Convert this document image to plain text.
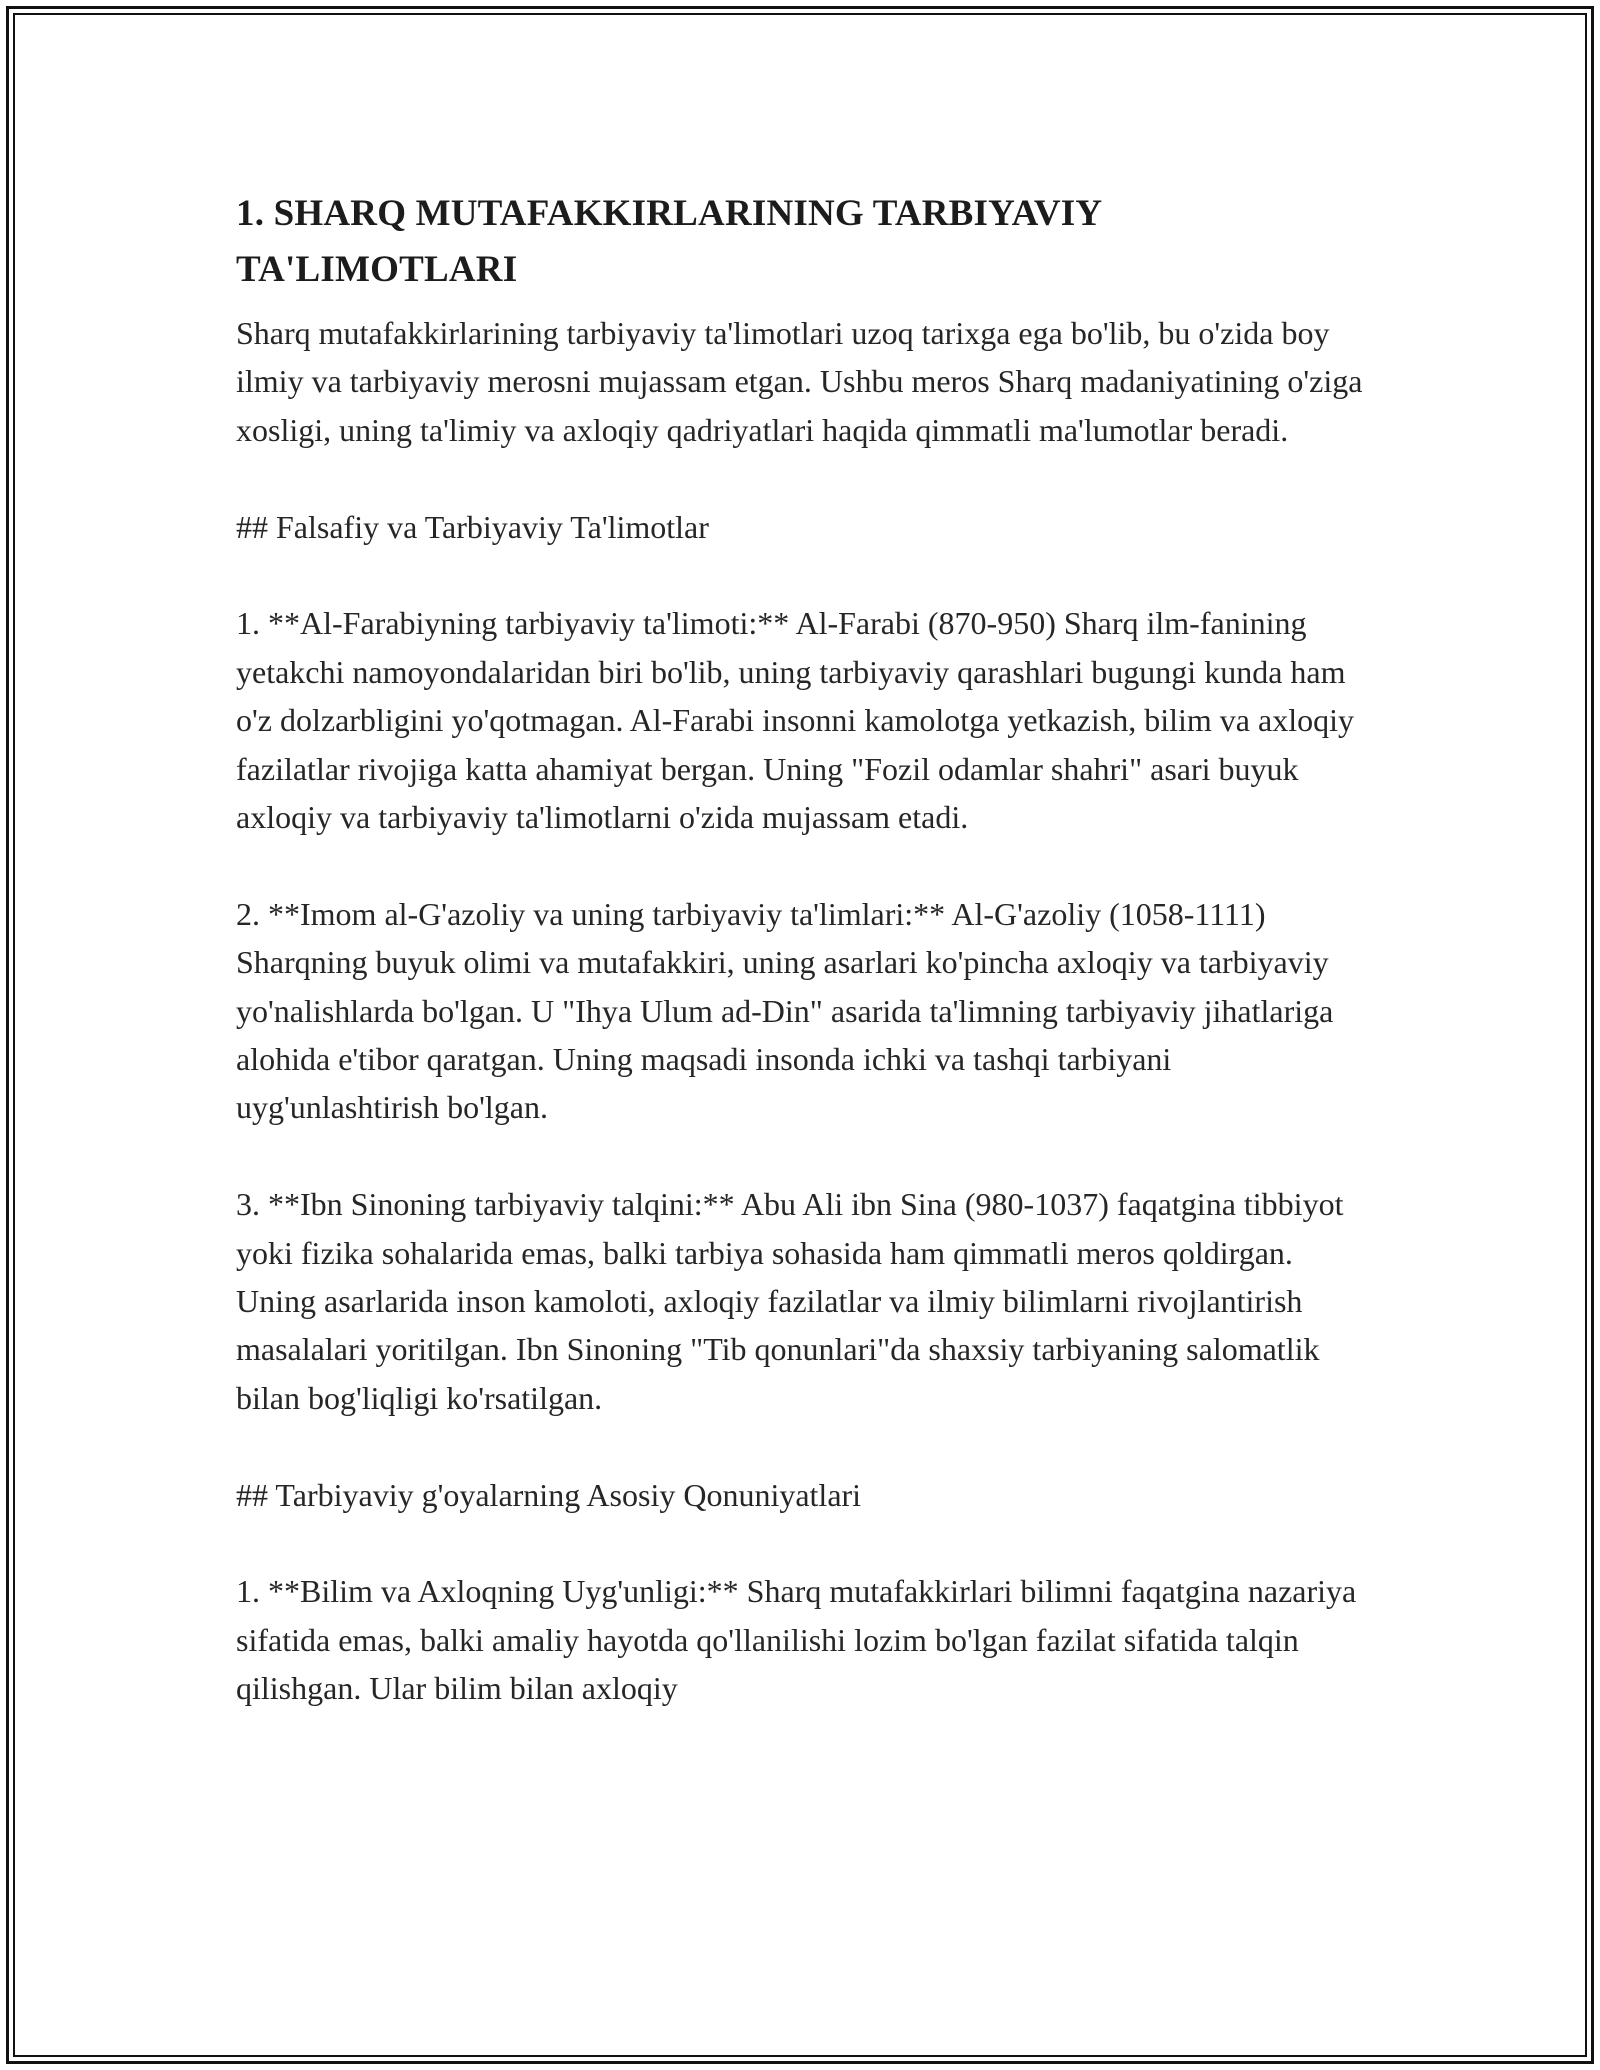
1. SHARQ MUTAFAKKIRLARINING TARBIYAVIY TA'LIMOTLARI

Sharq mutafakkirlarining tarbiyaviy ta'limotlari uzoq tarixga ega bo'lib, bu o'zida boy ilmiy va tarbiyaviy merosni mujassam etgan. Ushbu meros Sharq madaniyatining o'ziga xosligi, uning ta'limiy va axloqiy qadriyatlari haqida qimmatli ma'lumotlar beradi.

## Falsafiy va Tarbiyaviy Ta'limotlar

1. **Al-Farabiyning tarbiyaviy ta'limoti:** Al-Farabi (870-950) Sharq ilm-fanining yetakchi namoyondalaridan biri bo'lib, uning tarbiyaviy qarashlari bugungi kunda ham o'z dolzarbligini yo'qotmagan. Al-Farabi insonni kamolotga yetkazish, bilim va axloqiy fazilatlar rivojiga katta ahamiyat bergan. Uning "Fozil odamlar shahri" asari buyuk axloqiy va tarbiyaviy ta'limotlarni o'zida mujassam etadi.

2. **Imom al-G'azoliy va uning tarbiyaviy ta'limlari:** Al-G'azoliy (1058-1111) Sharqning buyuk olimi va mutafakkiri, uning asarlari ko'pincha axloqiy va tarbiyaviy yo'nalishlarda bo'lgan. U "Ihya Ulum ad-Din" asarida ta'limning tarbiyaviy jihatlariga alohida e'tibor qaratgan. Uning maqsadi insonda ichki va tashqi tarbiyani uyg'unlashtirish bo'lgan.

3. **Ibn Sinoning tarbiyaviy talqini:** Abu Ali ibn Sina (980-1037) faqatgina tibbiyot yoki fizika sohalarida emas, balki tarbiya sohasida ham qimmatli meros qoldirgan. Uning asarlarida inson kamoloti, axloqiy fazilatlar va ilmiy bilimlarni rivojlantirish masalalari yoritilgan. Ibn Sinoning "Tib qonunlari"da shaxsiy tarbiyaning salomatlik bilan bog'liqligi ko'rsatilgan.

## Tarbiyaviy g'oyalarning Asosiy Qonuniyatlari

1. **Bilim va Axloqning Uyg'unligi:** Sharq mutafakkirlari bilimni faqatgina nazariya sifatida emas, balki amaliy hayotda qo'llanilishi lozim bo'lgan fazilat sifatida talqin qilishgan. Ular bilim bilan axloqiy
